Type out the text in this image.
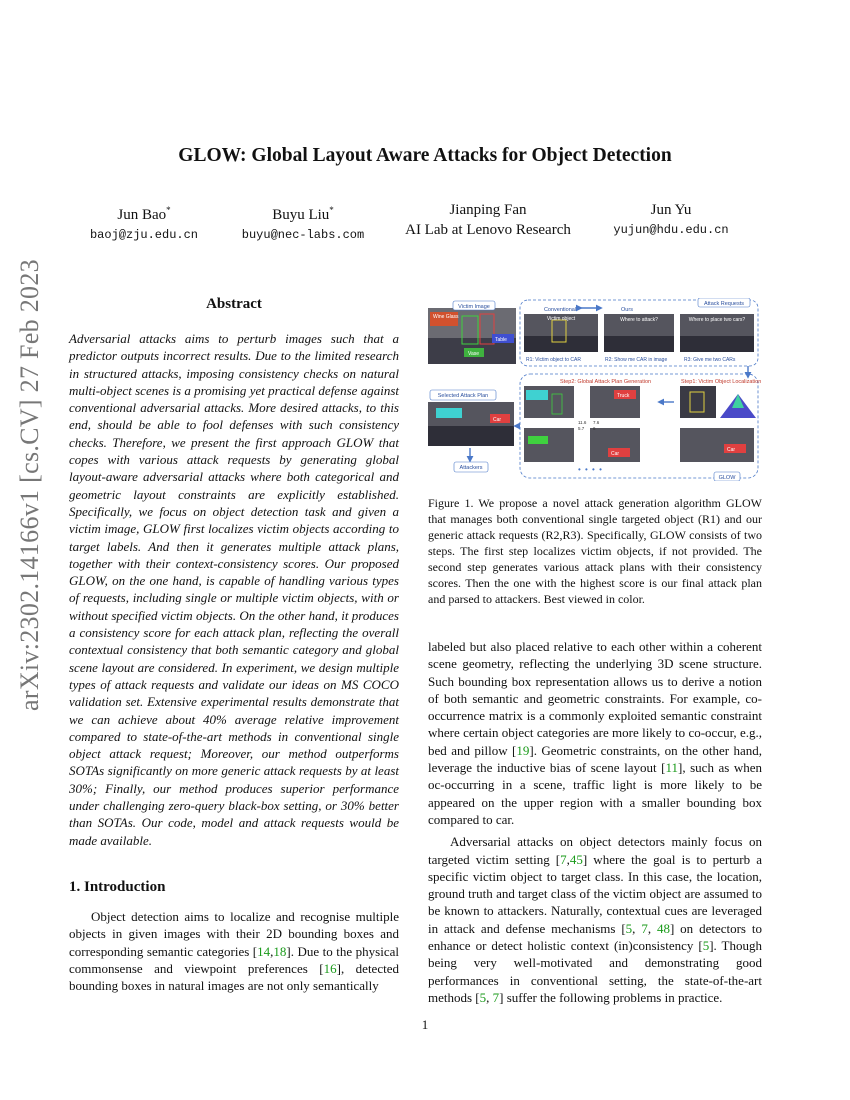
arXiv:2302.14166v1 [cs.CV] 27 Feb 2023
GLOW: Global Layout Aware Attacks for Object Detection
Jun Bao*
baoj@zju.edu.cn
Buyu Liu*
buyu@nec-labs.com
Jianping Fan
AI Lab at Lenovo Research
Jun Yu
yujun@hdu.edu.cn
Abstract
Adversarial attacks aims to perturb images such that a predictor outputs incorrect results. Due to the limited research in structured attacks, imposing consistency checks on natural multi-object scenes is a promising yet practical defense against conventional adversarial attacks. More desired attacks, to this end, should be able to fool defenses with such consistency checks. Therefore, we present the first approach GLOW that copes with various attack requests by generating global layout-aware adversarial attacks where both categorical and geometric layout constraints are explicitly established. Specifically, we focus on object detection task and given a victim image, GLOW first localizes victim objects according to target labels. And then it generates multiple attack plans, together with their context-consistency scores. Our proposed GLOW, on the one hand, is capable of handling various types of requests, including single or multiple victim objects, with or without specified victim objects. On the other hand, it produces a consistency score for each attack plan, reflecting the overall contextual consistency that both semantic category and global scene layout are considered. In experiment, we design multiple types of attack requests and validate our ideas on MS COCO validation set. Extensive experimental results demonstrate that we can achieve about 40% average relative improvement compared to state-of-the-art methods in conventional single object attack request; Moreover, our method outperforms SOTAs significantly on more generic attack requests by at least 30%; Finally, our method produces superior performance under challenging zero-query black-box setting, or 30% better than SOTAs. Our code, model and attack requests would be made available.
1. Introduction
Object detection aims to localize and recognise multiple objects in given images with their 2D bounding boxes and corresponding semantic categories [14,18]. Due to the physical commonsense and viewpoint preferences [16], detected bounding boxes in natural images are not only semantically
Victim Image
Wine Glass
Table
Vase
Attack Requests
Conventional	Ours
Victim object
R1: Victim object to CAR
Where to attack?
R2: Show me CAR in image
Where to place two cars?
R3: Give me two CARs
Step2: Global Attack Plan Generation	Step1: Victim Object Localization
GLOW
Truck
Car
11.6 7.6
5.7 6
• • • •
Car
Selected Attack Plan
Car
Attackers
Figure 1. We propose a novel attack generation algorithm GLOW that manages both conventional single targeted object (R1) and our generic attack requests (R2,R3). Specifically, GLOW consists of two steps. The first step localizes victim objects, if not provided. The second step generates various attack plans with their consistency scores. Then the one with the highest score is our final attack plan and parsed to attackers. Best viewed in color.

labeled but also placed relative to each other within a coherent scene geometry, reflecting the underlying 3D scene structure. Such bounding box representation allows us to derive a notion of both semantic and geometric constraints. For example, co-occurrence matrix is a commonly exploited semantic constraint where certain object categories are more likely to co-occur, e.g., bed and pillow [19]. Geometric constraints, on the other hand, leverage the inductive bias of scene layout [11], such as when oc-occurring in a scene, traffic light is more likely to be appeared on the upper region with a smaller bounding box compared to car.

Adversarial attacks on object detectors mainly focus on targeted victim setting [7,45] where the goal is to perturb a specific victim object to target class. In this case, the location, ground truth and target class of the victim object are assumed to be known to attackers. Naturally, contextual cues are leveraged in attack and defense mechanisms [5, 7, 48] on detectors to enhance or detect holistic context (in)consistency [5]. Though being very well-motivated and demonstrating good performances in conventional setting, the state-of-the-art methods [5, 7] suffer the following problems in practice.

1
